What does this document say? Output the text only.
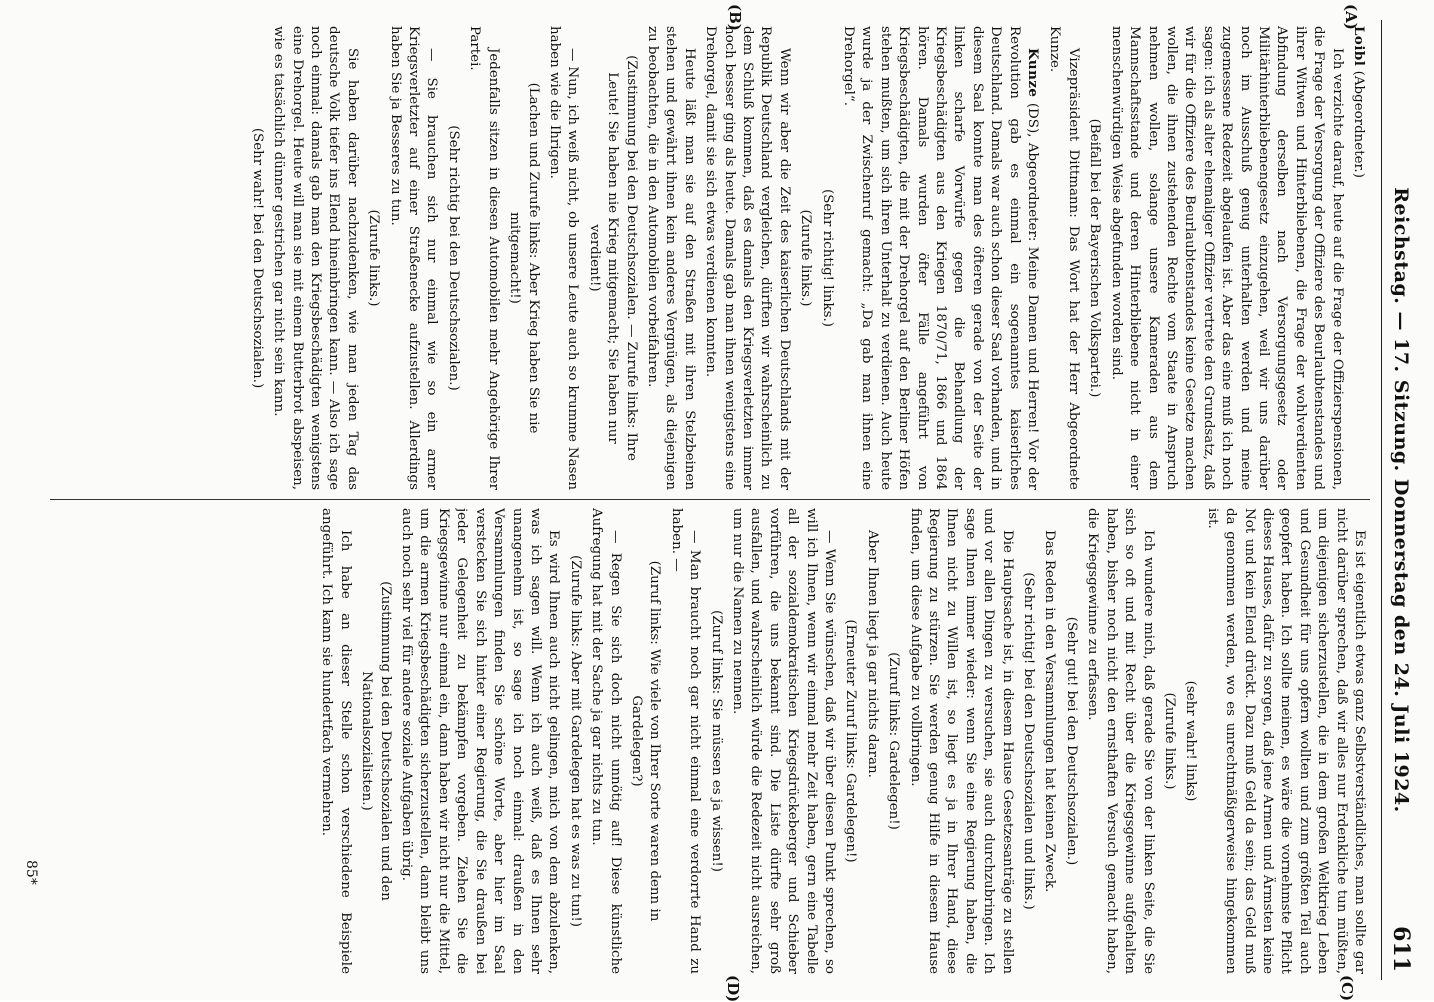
Reichstag. — 17. Sitzung. Donnerstag den 24. Juli 1924.
611
(A)
(B)
(C)
(D)

Loibl (Abgeordneter.)

Ich verzichte darauf, heute auf die Frage der Offizierspensionen, die Frage der Versorgung der Offiziere des Beurlaubtenstandes und ihrer Witwen und Hinterbliebenen, die Frage der wohlverdienten Abfindung derselben nach Versorgungsgesetz oder Militärhinterbliebenengesetz einzugehen, weil wir uns darüber noch im Ausschuß genug unterhalten werden und meine zugemessene Redezeit abgelaufen ist. Aber das eine muß ich noch sagen: ich als alter ehemaliger Offizier vertrete den Grundsatz, daß wir für die Offiziere des Beurlaubtenstandes keine Gesetze machen wollen, die ihnen zustehenden Rechte vom Staate in Anspruch nehmen wollen, solange unsere Kameraden aus dem Mannschaftsstande und deren Hinterbliebene nicht in einer menschenwürdigen Weise abgefunden worden sind.

(Beifall bei der Bayerischen Volkspartei.)

Vizepräsident Dittmann: Das Wort hat der Herr Abgeordnete Kunze.

Kunze (DS), Abgeordneter: Meine Damen und Herren! Vor der Revolution gab es einmal ein sogenanntes kaiserliches Deutschland. Damals war auch schon dieser Saal vorhanden, und in diesem Saal konnte man des öfteren gerade von der Seite der linken scharfe Vorwürfe gegen die Behandlung der Kriegsbeschädigten aus den Kriegen 1870/71, 1866 und 1864 hören. Damals wurden öfter Fälle angeführt von Kriegsbeschädigten, die mit der Drehorgel auf den Berliner Höfen stehen mußten, um sich ihren Unterhalt zu verdienen. Auch heute wurde ja der Zwischenruf gemacht: „Da gab man ihnen eine Drehorgel“.

(Sehr richtig! links.)

(Zurufe links.)

Wenn wir aber die Zeit des kaiserlichen Deutschlands mit der Republik Deutschland vergleichen, dürften wir wahrscheinlich zu dem Schluß kommen, daß es damals den Kriegsverletzten immer noch besser ging als heute. Damals gab man ihnen wenigstens eine Drehorgel, damit sie sich etwas verdienen konnten.

Heute läßt man sie auf den Straßen mit ihren Stelzbeinen stehen und gewährt ihnen kein anderes Vergnügen, als diejenigen zu beobachten, die in den Automobilen vorbeifahren.

(Zustimmung bei den Deutschsozialen. — Zurufe links: Ihre Leute! Sie haben nie Krieg mitgemacht; Sie haben nur verdient!)

— Nun, ich weiß nicht, ob unsere Leute auch so krumme Nasen haben wie die Ihrigen.

(Lachen und Zurufe links: Aber Krieg haben Sie nie mitgemacht!)

Jedenfalls sitzen in diesen Automobilen mehr Angehörige Ihrer Partei.

(Sehr richtig bei den Deutschsozialen.)

— Sie brauchen sich nur einmal wie so ein armer Kriegsverletzter auf einer Straßenecke aufzustellen. Allerdings haben Sie ja Besseres zu tun.

(Zurufe links.)

Sie haben darüber nachzudenken, wie man jeden Tag das deutsche Volk tiefer ins Elend hineinbringen kann. — Also ich sage noch einmal: damals gab man den Kriegsbeschädigten wenigstens eine Drehorgel. Heute will man sie mit einem Butterbrot abspeisen, wie es tatsächlich dünner gestrichen gar nicht sein kann.

(Sehr wahr! bei den Deutschsozialen.)

Es ist eigentlich etwas ganz Selbstverständliches, man sollte gar nicht darüber sprechen, daß wir alles nur Erdenkliche tun müßten, um diejenigen sicherzustellen, die in dem großen Weltkrieg Leben und Gesundheit für uns opfern wollten und zum größten Teil auch geopfert haben. Ich sollte meinen, es wäre die vornehmste Pflicht dieses Hauses, dafür zu sorgen, daß jene Armen und Ärmsten keine Not und kein Elend drückt. Dazu muß Geld da sein; das Geld muß da genommen werden, wo es unrechtmäßigerweise hingekommen ist.

(sehr wahr! links)

(Zurufe links.)

Ich wundere mich, daß gerade Sie von der linken Seite, die Sie sich so oft und mit Recht über die Kriegsgewinne aufgehalten haben, bisher noch nicht den ernsthaften Versuch gemacht haben, die Kriegsgewinne zu erfassen.

(Sehr gut! bei den Deutschsozialen.)

Das Reden in den Versammlungen hat keinen Zweck.

(Sehr richtig! bei den Deutschsozialen und links.)

Die Hauptsache ist, in diesem Hause Gesetzesanträge zu stellen und vor allen Dingen zu versuchen, sie auch durchzubringen. Ich sage Ihnen immer wieder: wenn Sie eine Regierung haben, die Ihnen nicht zu Willen ist, so liegt es ja in Ihrer Hand, diese Regierung zu stürzen. Sie werden genug Hilfe in diesem Hause finden, um diese Aufgabe zu vollbringen.

(Zuruf links: Gardelegen!)

Aber Ihnen liegt ja gar nichts daran.

(Erneuter Zuruf links: Gardelegen!)

— Wenn Sie wünschen, daß wir über diesen Punkt sprechen, so will ich Ihnen, wenn wir einmal mehr Zeit haben, gern eine Tabelle all der sozialdemokratischen Kriegsdrückeberger und Schieber vorführen, die uns bekannt sind. Die Liste dürfte sehr groß ausfallen, und wahrscheinlich würde die Redezeit nicht ausreichen, um nur die Namen zu nennen.

(Zuruf links: Sie müssen es ja wissen!)

— Man braucht noch gar nicht einmal eine verdorrte Hand zu haben. —

(Zuruf links: Wie viele von Ihrer Sorte waren denn in Gardelegen?)

— Regen Sie sich doch nicht unnötig auf! Diese künstliche Aufregung hat mit der Sache ja gar nichts zu tun.

(Zurufe links: Aber mit Gardelegen hat es was zu tun!)

Es wird Ihnen auch nicht gelingen, mich von dem abzulenken, was ich sagen will. Wenn ich auch weiß, daß es Ihnen sehr unangenehm ist, so sage ich noch einmal: draußen in den Versammlungen finden Sie schöne Worte, aber hier im Saal verstecken Sie sich hinter einer Regierung, die Sie draußen bei jeder Gelegenheit zu bekämpfen vorgeben. Ziehen Sie die Kriegsgewinne nur einmal ein, dann haben wir nicht nur die Mittel, um die armen Kriegsbeschädigten sicherzustellen, dann bleibt uns auch noch sehr viel für andere soziale Aufgaben übrig.

(Zustimmung bei den Deutschsozialen und den Nationalsozialisten.)

Ich habe an dieser Stelle schon verschiedene Beispiele angeführt. Ich kann sie hundertfach vermehren.

85*
